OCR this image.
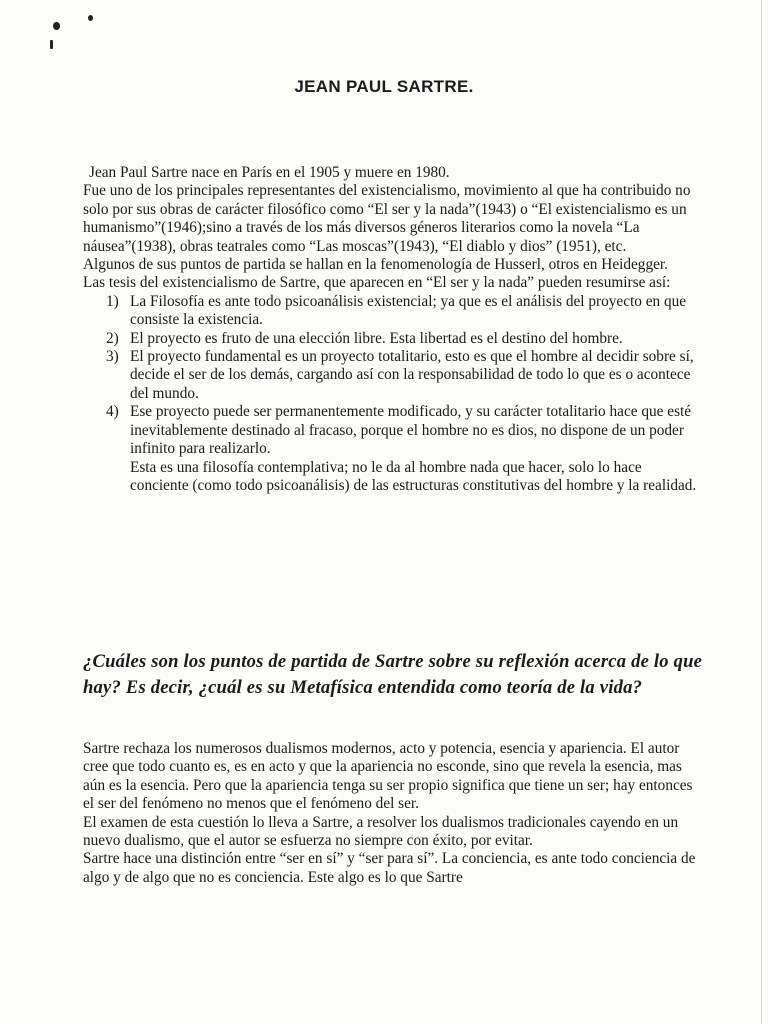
JEAN PAUL SARTRE.

Jean Paul Sartre nace en París en el 1905 y muere en 1980.

Fue uno de los principales representantes del existencialismo, movimiento al que ha contribuido no solo por sus obras de carácter filosófico como “El ser y la nada”(1943) o “El existencialismo es un humanismo”(1946);sino a través de los más diversos géneros literarios como la novela “La náusea”(1938), obras teatrales como “Las moscas”(1943), “El diablo y dios” (1951), etc.

Algunos de sus puntos de partida se hallan en la fenomenología de Husserl, otros en Heidegger.

Las tesis del existencialismo de Sartre, que aparecen en “El ser y la nada” pueden resumirse así:

1) La Filosofía es ante todo psicoanálisis existencial; ya que es el análisis del proyecto en que consiste la existencia.
2) El proyecto es fruto de una elección libre. Esta libertad es el destino del hombre.
3) El proyecto fundamental es un proyecto totalitario, esto es que el hombre al decidir sobre sí, decide el ser de los demás, cargando así con la responsabilidad de todo lo que es o acontece del mundo.
4) Ese proyecto puede ser permanentemente modificado, y su carácter totalitario hace que esté inevitablemente destinado al fracaso, porque el hombre no es dios, no dispone de un poder infinito para realizarlo.

Esta es una filosofía contemplativa; no le da al hombre nada que hacer, solo lo hace conciente (como todo psicoanálisis) de las estructuras constitutivas del hombre y la realidad.

¿Cuáles son los puntos de partida de Sartre sobre su reflexión acerca de lo que hay? Es decir, ¿cuál es su Metafísica entendida como teoría de la vida?

Sartre rechaza los numerosos dualismos modernos, acto y potencia, esencia y apariencia. El autor cree que todo cuanto es, es en acto y que la apariencia no esconde, sino que revela la esencia, mas aún es la esencia. Pero que la apariencia tenga su ser propio significa que tiene un ser; hay entonces el ser del fenómeno no menos que el fenómeno del ser.

El examen de esta cuestión lo lleva a Sartre, a resolver los dualismos tradicionales cayendo en un nuevo dualismo, que el autor se esfuerza no siempre con éxito, por evitar.

Sartre hace una distinción entre “ser en sí” y “ser para sí”. La conciencia, es ante todo conciencia de algo y de algo que no es conciencia. Este algo es lo que Sartre
